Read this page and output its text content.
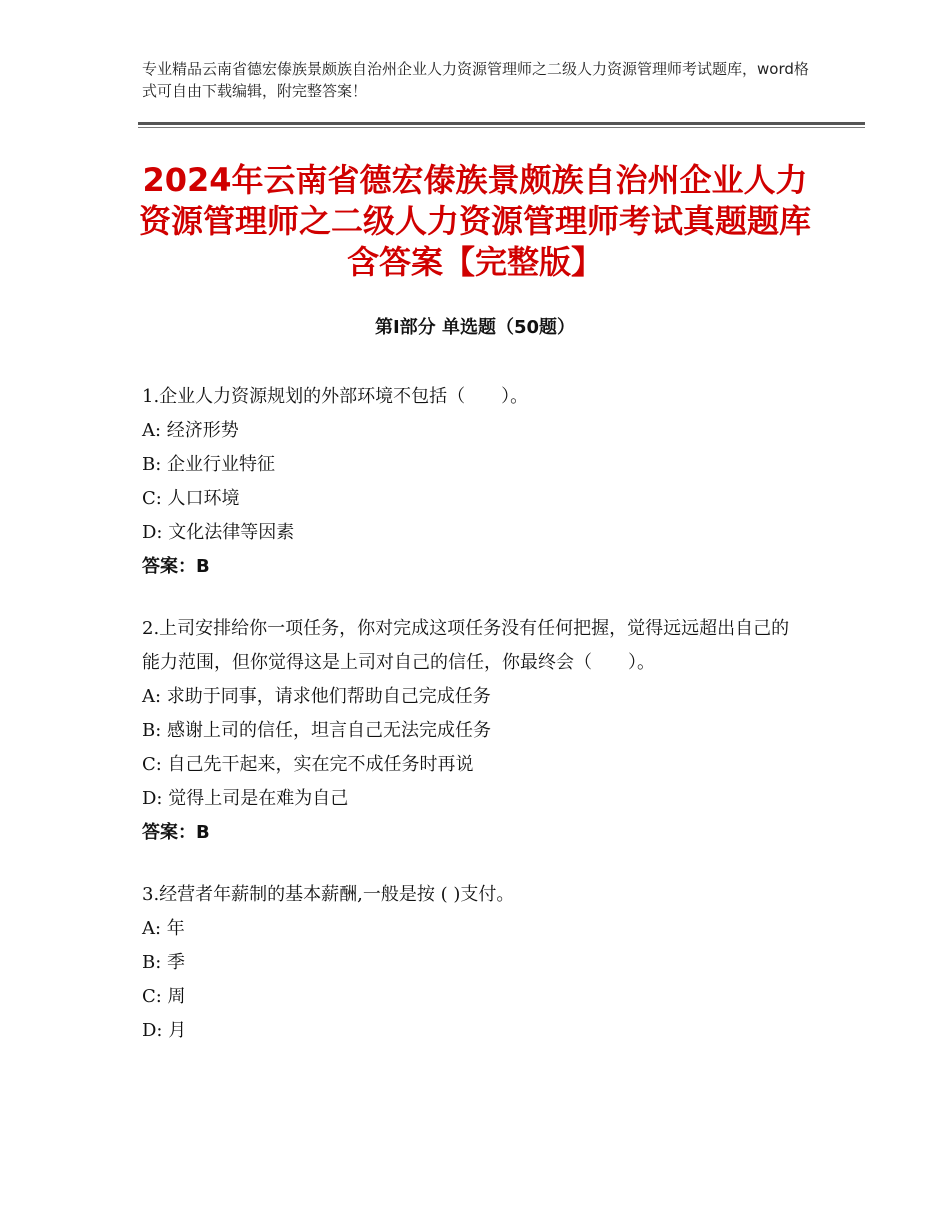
专业精品云南省德宏傣族景颇族自治州企业人力资源管理师之二级人力资源管理师考试题库，word格式可自由下载编辑，附完整答案！
2024年云南省德宏傣族景颇族自治州企业人力资源管理师之二级人力资源管理师考试真题题库含答案【完整版】
第Ⅰ部分 单选题（50题）
1.企业人力资源规划的外部环境不包括（　　）。
A: 经济形势
B: 企业行业特征
C: 人口环境
D: 文化法律等因素
答案：B
2.上司安排给你一项任务，你对完成这项任务没有任何把握，觉得远远超出自己的能力范围，但你觉得这是上司对自己的信任，你最终会（　　）。
A: 求助于同事，请求他们帮助自己完成任务
B: 感谢上司的信任，坦言自己无法完成任务
C: 自己先干起来，实在完不成任务时再说
D: 觉得上司是在难为自己
答案：B
3.经营者年薪制的基本薪酬,一般是按 ( )支付。
A: 年
B: 季
C: 周
D: 月
